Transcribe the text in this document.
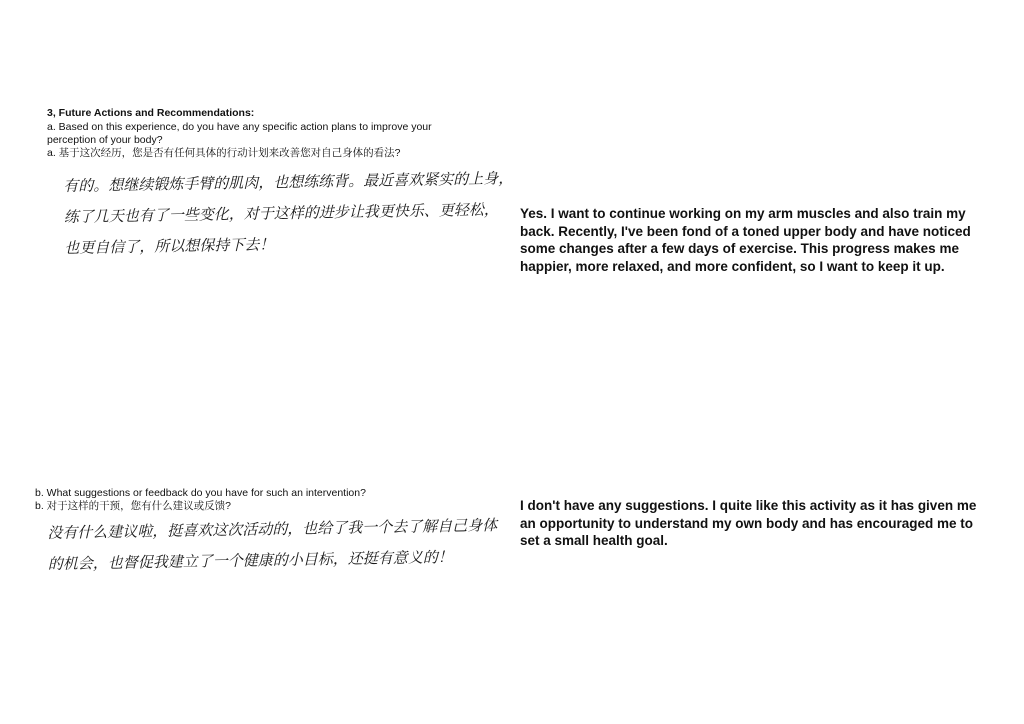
3, Future Actions and Recommendations:

a. Based on this experience, do you have any specific action plans to improve your perception of your body?

a. 基于这次经历，您是否有任何具体的行动计划来改善您对自己身体的看法?

有的。想继续锻炼手臂的肌肉，也想练练背。最近喜欢紧实的上身，
练了几天也有了一些变化，对于这样的进步让我更快乐、更轻松，
也更自信了，所以想保持下去！

Yes. I want to continue working on my arm muscles and also train my back. Recently, I've been fond of a toned upper body and have noticed some changes after a few days of exercise. This progress makes me happier, more relaxed, and more confident, so I want to keep it up.

b. What suggestions or feedback do you have for such an intervention?

b. 对于这样的干预，您有什么建议或反馈?

没有什么建议啦，挺喜欢这次活动的，也给了我一个去了解自己身体
的机会，也督促我建立了一个健康的小目标，还挺有意义的！

I don't have any suggestions. I quite like this activity as it has given me an opportunity to understand my own body and has encouraged me to set a small health goal.
